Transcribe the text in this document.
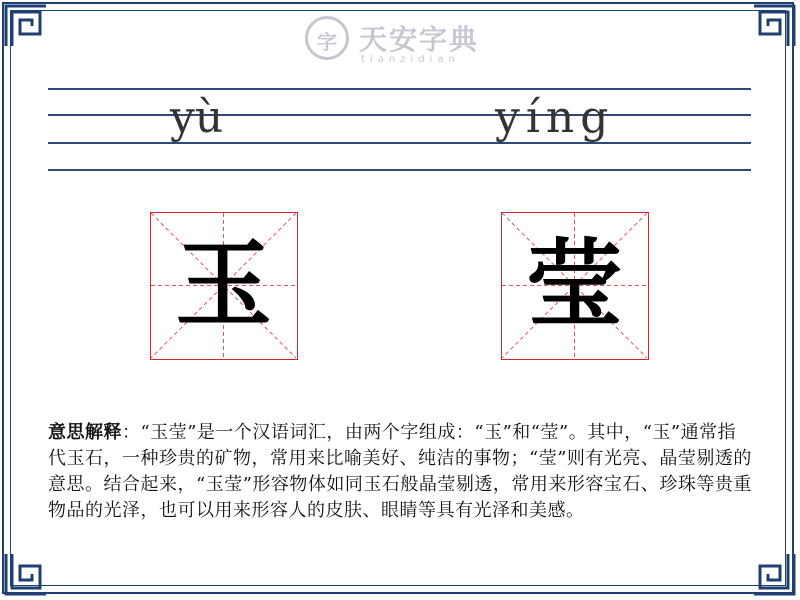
字 天安字典
tianzidian
yù	yíng
玉	莹
意思解释：“玉莹”是一个汉语词汇，由两个字组成：“玉”和“莹”。其中，“玉”通常指代玉石，一种珍贵的矿物，常用来比喻美好、纯洁的事物；“莹”则有光亮、晶莹剔透的意思。结合起来，“玉莹”形容物体如同玉石般晶莹剔透，常用来形容宝石、珍珠等贵重物品的光泽，也可以用来形容人的皮肤、眼睛等具有光泽和美感。
